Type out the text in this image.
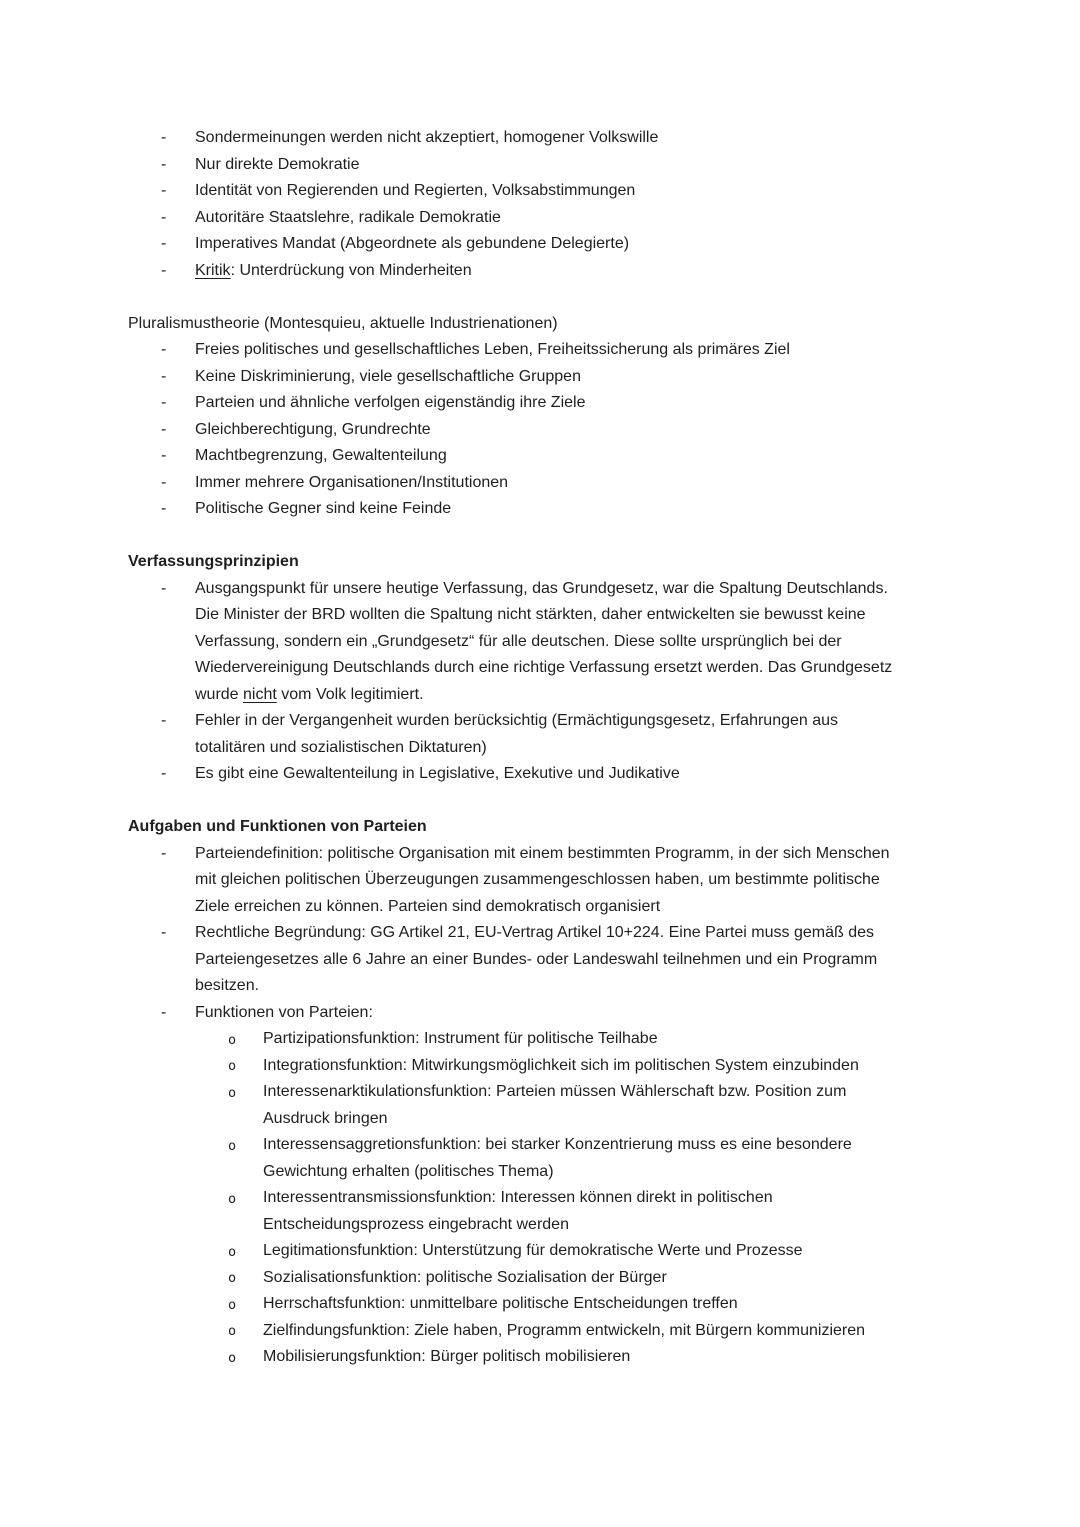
- Sondermeinungen werden nicht akzeptiert, homogener Volkswille
- Nur direkte Demokratie
- Identität von Regierenden und Regierten, Volksabstimmungen
- Autoritäre Staatslehre, radikale Demokratie
- Imperatives Mandat (Abgeordnete als gebundene Delegierte)
- Kritik: Unterdrückung von Minderheiten
Pluralismustheorie (Montesquieu, aktuelle Industrienationen)
- Freies politisches und gesellschaftliches Leben, Freiheitssicherung als primäres Ziel
- Keine Diskriminierung, viele gesellschaftliche Gruppen
- Parteien und ähnliche verfolgen eigenständig ihre Ziele
- Gleichberechtigung, Grundrechte
- Machtbegrenzung, Gewaltenteilung
- Immer mehrere Organisationen/Institutionen
- Politische Gegner sind keine Feinde
Verfassungsprinzipien
- Ausgangspunkt für unsere heutige Verfassung, das Grundgesetz, war die Spaltung Deutschlands. Die Minister der BRD wollten die Spaltung nicht stärkten, daher entwickelten sie bewusst keine Verfassung, sondern ein „Grundgesetz“ für alle deutschen. Diese sollte ursprünglich bei der Wiedervereinigung Deutschlands durch eine richtige Verfassung ersetzt werden. Das Grundgesetz wurde nicht vom Volk legitimiert.
- Fehler in der Vergangenheit wurden berücksichtig (Ermächtigungsgesetz, Erfahrungen aus totalitären und sozialistischen Diktaturen)
- Es gibt eine Gewaltenteilung in Legislative, Exekutive und Judikative
Aufgaben und Funktionen von Parteien
- Parteiendefinition: politische Organisation mit einem bestimmten Programm, in der sich Menschen mit gleichen politischen Überzeugungen zusammengeschlossen haben, um bestimmte politische Ziele erreichen zu können. Parteien sind demokratisch organisiert
- Rechtliche Begründung: GG Artikel 21, EU-Vertrag Artikel 10+224. Eine Partei muss gemäß des Parteiengesetzes alle 6 Jahre an einer Bundes- oder Landeswahl teilnehmen und ein Programm besitzen.
- Funktionen von Parteien:
o Partizipationsfunktion: Instrument für politische Teilhabe
o Integrationsfunktion: Mitwirkungsmöglichkeit sich im politischen System einzubinden
o Interessenarktikulationsfunktion: Parteien müssen Wählerschaft bzw. Position zum Ausdruck bringen
o Interessensaggretionsfunktion: bei starker Konzentrierung muss es eine besondere Gewichtung erhalten (politisches Thema)
o Interessentransmissionsfunktion: Interessen können direkt in politischen Entscheidungsprozess eingebracht werden
o Legitimationsfunktion: Unterstützung für demokratische Werte und Prozesse
o Sozialisationsfunktion: politische Sozialisation der Bürger
o Herrschaftsfunktion: unmittelbare politische Entscheidungen treffen
o Zielfindungsfunktion: Ziele haben, Programm entwickeln, mit Bürgern kommunizieren
o Mobilisierungsfunktion: Bürger politisch mobilisieren
